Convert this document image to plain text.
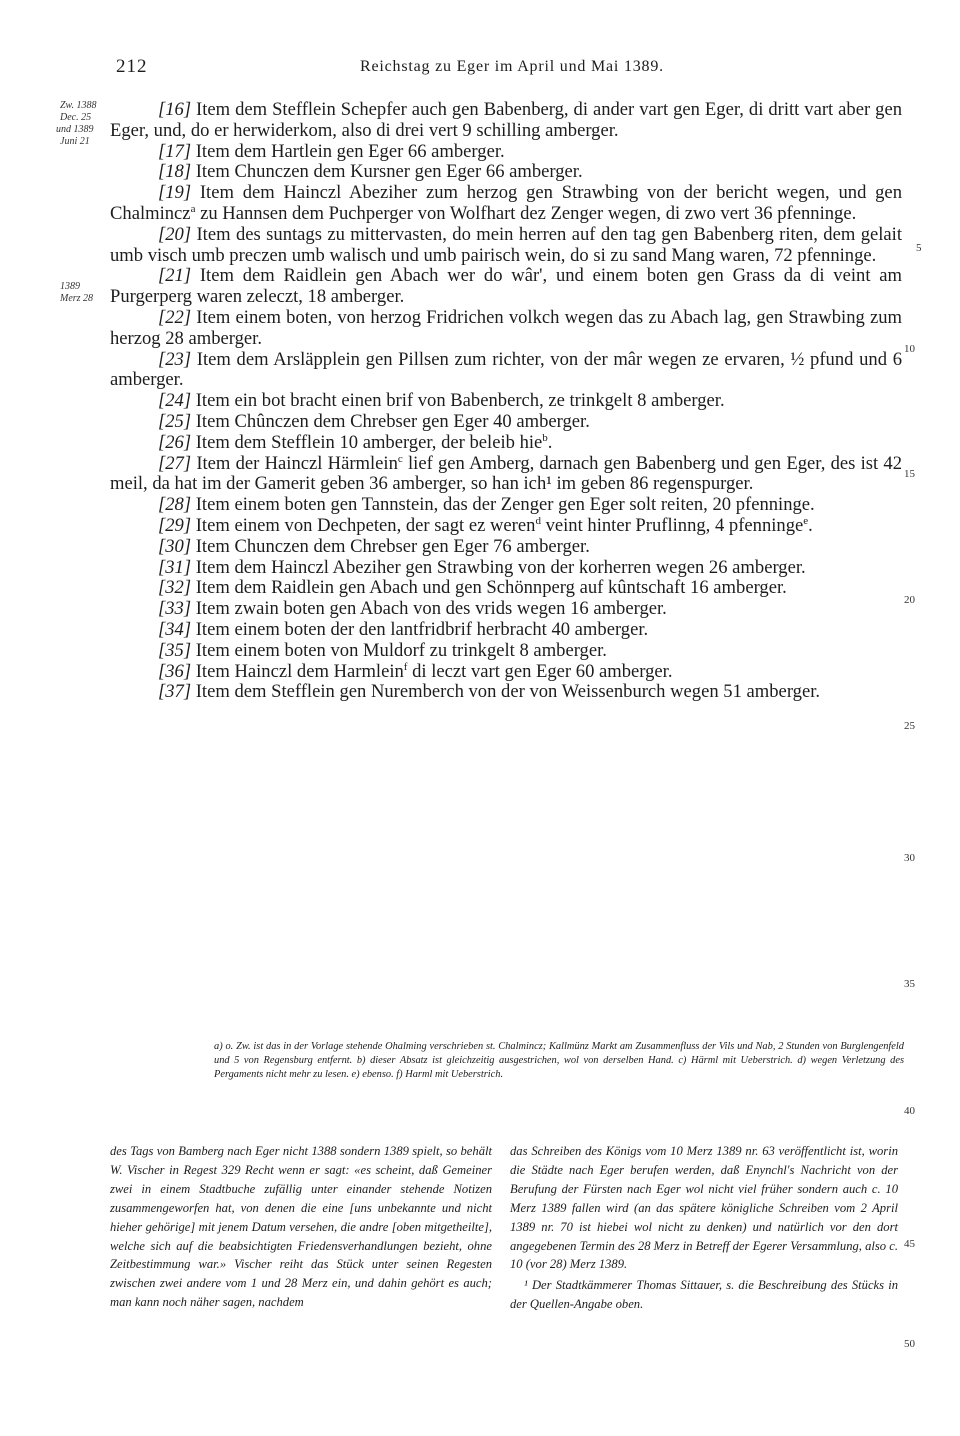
212	Reichstag zu Eger im April und Mai 1389.
Zw. 1388
Dec. 25
und 1389
Juni 21
1389
Merz 28

[16] Item dem Stefflein Schepfer auch gen Babenberg, di ander vart gen Eger, di dritt vart aber gen Eger, und, do er herwiderkom, also di drei vert 9 schilling amberger.

[17] Item dem Hartlein gen Eger 66 amberger.

[18] Item Chunczen dem Kursner gen Eger 66 amberger.

[19] Item dem Hainczl Abeziher zum herzog gen Strawbing von der bericht wegen, und gen Chalmincz$^a$ zu Hannsen dem Puchperger von Wolfhart dez Zenger wegen, di zwo vert 36 pfenninge.

[20] Item des suntags zu mittervasten, do mein herren auf den tag gen Babenberg riten, dem gelait umb visch umb preczen umb walisch und umb pairisch wein, do si zu sand Mang waren, 72 pfenninge.

[21] Item dem Raidlein gen Abach wer do wâr', und einem boten gen Grass da di veint am Purgerperg waren zeleczt, 18 amberger.

[22] Item einem boten, von herzog Fridrichen volkch wegen das zu Abach lag, gen Strawbing zum herzog 28 amberger.

[23] Item dem Arsläpplein gen Pillsen zum richter, von der mâr wegen ze ervaren, ½ pfund und 6 amberger.

[24] Item ein bot bracht einen brif von Babenberch, ze trinkgelt 8 amberger.

[25] Item Chûnczen dem Chrebser gen Eger 40 amberger.

[26] Item dem Stefflein 10 amberger, der beleib hie$^b$.

[27] Item der Hainczl Härmlein$^c$ lief gen Amberg, darnach gen Babenberg und gen Eger, des ist 42 meil, da hat im der Gamerit geben 36 amberger, so han ich¹ im geben 86 regenspurger.

[28] Item einem boten gen Tannstein, das der Zenger gen Eger solt reiten, 20 pfenninge.

[29] Item einem von Dechpeten, der sagt ez weren$^d$ veint hinter Pruflinng, 4 pfenninge$^e$.

[30] Item Chunczen dem Chrebser gen Eger 76 amberger.

[31] Item dem Hainczl Abeziher gen Strawbing von der korherren wegen 26 amberger.

[32] Item dem Raidlein gen Abach und gen Schönnperg auf kûntschaft 16 amberger.

[33] Item zwain boten gen Abach von des vrids wegen 16 amberger.

[34] Item einem boten der den lantfridbrif herbracht 40 amberger.

[35] Item einem boten von Muldorf zu trinkgelt 8 amberger.

[36] Item Hainczl dem Harmlein$^f$ di leczt vart gen Eger 60 amberger.

[37] Item dem Stefflein gen Nuremberch von der von Weissenburch wegen 51 amberger.

5
10
15
20
25
30
35
40
45
50
a) o. Zw. ist das in der Vorlage stehende Ohalming verschrieben st. Chalmincz; Kallmünz Markt am Zusammenfluss der Vils und Nab, 2 Stunden von Burglengenfeld und 5 von Regensburg entfernt. b) dieser Absatz ist gleichzeitig ausgestrichen, wol von derselben Hand. c) Härml mit Ueberstrich. d) wegen Verletzung des Pergaments nicht mehr zu lesen. e) ebenso. f) Harml mit Ueberstrich.
des Tags von Bamberg nach Eger nicht 1388 sondern 1389 spielt, so behält W. Vischer in Regest 329 Recht wenn er sagt: «es scheint, daß Gemeiner zwei in einem Stadtbuche zufällig unter einander stehende Notizen zusammengeworfen hat, von denen die eine [uns unbekannte und nicht hieher gehörige] mit jenem Datum versehen, die andre [oben mitgetheilte], welche sich auf die beabsichtigten Friedensverhandlungen bezieht, ohne Zeitbestimmung war.» Vischer reiht das Stück unter seinen Regesten zwischen zwei andere vom 1 und 28 Merz ein, und dahin gehört es auch; man kann noch näher sagen, nachdem

das Schreiben des Königs vom 10 Merz 1389 nr. 63 veröffentlicht ist, worin die Städte nach Eger berufen werden, daß Enynchl's Nachricht von der Berufung der Fürsten nach Eger wol nicht viel früher sondern auch c. 10 Merz 1389 fallen wird (an das spätere königliche Schreiben vom 2 April 1389 nr. 70 ist hiebei wol nicht zu denken) und natürlich vor den dort angegebenen Termin des 28 Merz in Betreff der Egerer Versammlung, also c. 10 (vor 28) Merz 1389.

¹ Der Stadtkämmerer Thomas Sittauer, s. die Beschreibung des Stücks in der Quellen-Angabe oben.
